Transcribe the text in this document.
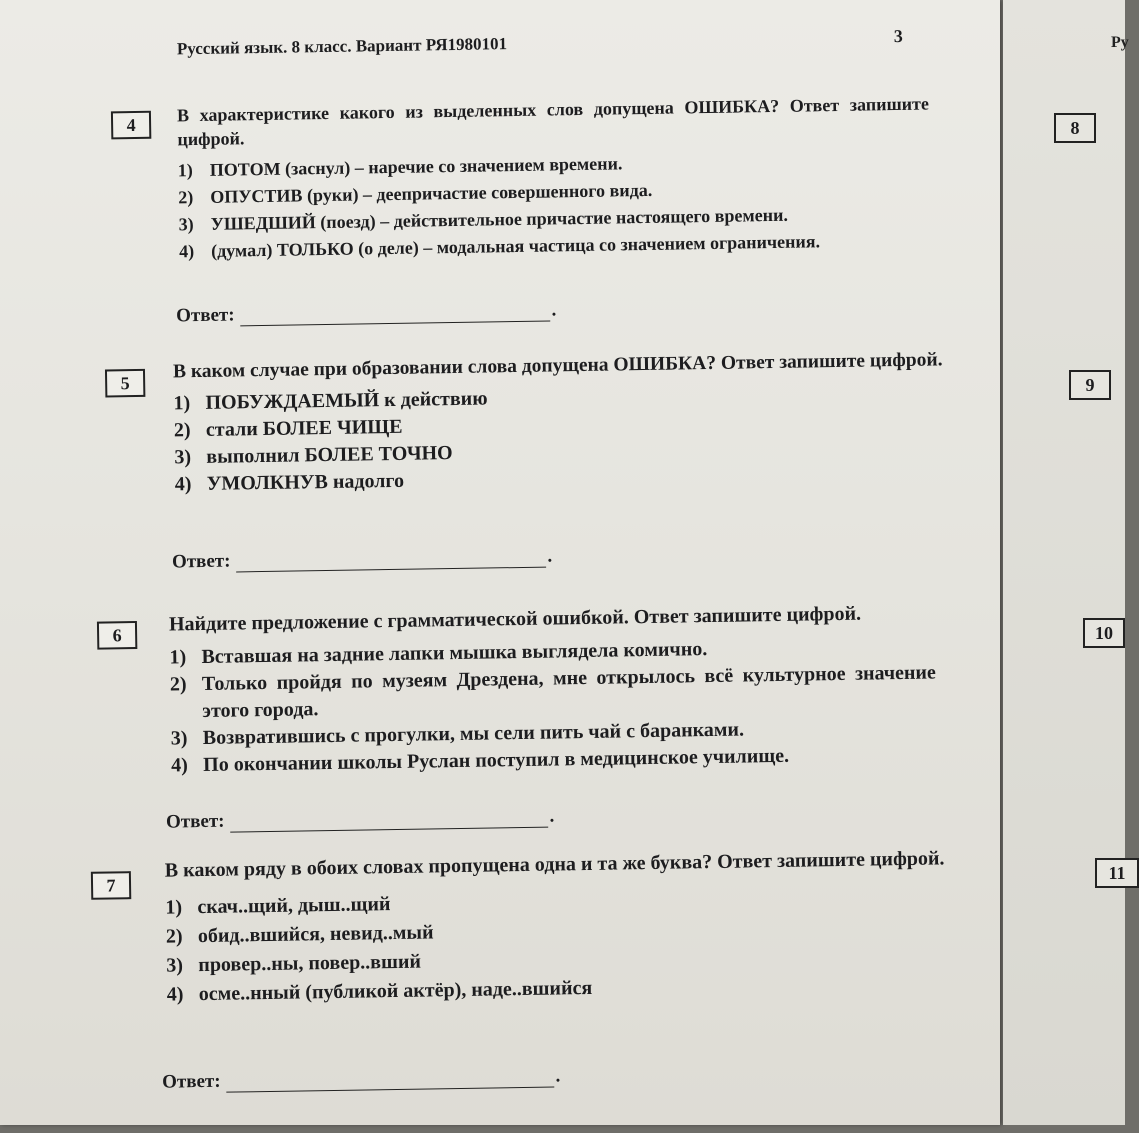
Русский язык. 8 класс. Вариант РЯ1980101	3
4	В характеристике какого из выделенных слов допущена ОШИБКА? Ответ запишите цифрой.

1) ПОТОМ (заснул) – наречие со значением времени.
2) ОПУСТИВ (руки) – деепричастие совершенного вида.
3) УШЕДШИЙ (поезд) – действительное причастие настоящего времени.
4) (думал) ТОЛЬКО (о деле) – модальная частица со значением ограничения.
Ответ:	.
5

В каком случае при образовании слова допущена ОШИБКА? Ответ запишите цифрой.

1) ПОБУЖДАЕМЫЙ к действию
2) стали БОЛЕЕ ЧИЩЕ
3) выполнил БОЛЕЕ ТОЧНО
4) УМОЛКНУВ надолго
Ответ:	.
6	Найдите предложение с грамматической ошибкой. Ответ запишите цифрой.

1) Вставшая на задние лапки мышка выглядела комично.
2) Только пройдя по музеям Дрездена, мне открылось всё культурное значение этого города.
3) Возвратившись с прогулки, мы сели пить чай с баранками.
4) По окончании школы Руслан поступил в медицинское училище.
Ответ:	.
7

В каком ряду в обоих словах пропущена одна и та же буква? Ответ запишите цифрой.

1) скач..щий, дыш..щий
2) обид..вшийся, невид..мый
3) провер..ны, повер..вший
4) осме..нный (публикой актёр), наде..вшийся
Ответ:	.
Ру
8
9
10
11
